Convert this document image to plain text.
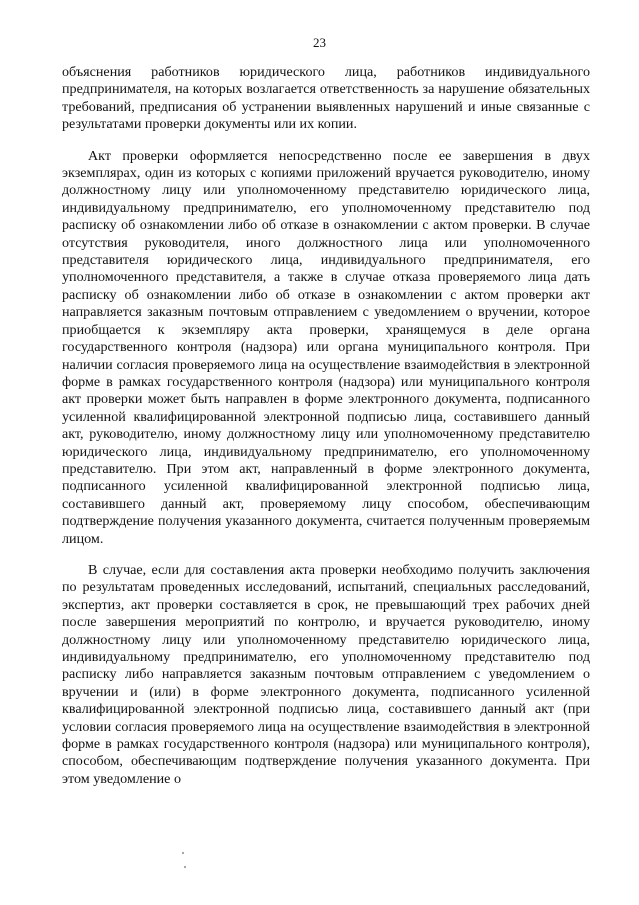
23

объяснения работников юридического лица, работников индивидуального предпринимателя, на которых возлагается ответственность за нарушение обязательных требований, предписания об устранении выявленных нарушений и иные связанные с результатами проверки документы или их копии.

Акт проверки оформляется непосредственно после ее завершения в двух экземплярах, один из которых с копиями приложений вручается руководителю, иному должностному лицу или уполномоченному представителю юридического лица, индивидуальному предпринимателю, его уполномоченному представителю под расписку об ознакомлении либо об отказе в ознакомлении с актом проверки. В случае отсутствия руководителя, иного должностного лица или уполномоченного представителя юридического лица, индивидуального предпринимателя, его уполномоченного представителя, а также в случае отказа проверяемого лица дать расписку об ознакомлении либо об отказе в ознакомлении с актом проверки акт направляется заказным почтовым отправлением с уведомлением о вручении, которое приобщается к экземпляру акта проверки, хранящемуся в деле органа государственного контроля (надзора) или органа муниципального контроля. При наличии согласия проверяемого лица на осуществление взаимодействия в электронной форме в рамках государственного контроля (надзора) или муниципального контроля акт проверки может быть направлен в форме электронного документа, подписанного усиленной квалифицированной электронной подписью лица, составившего данный акт, руководителю, иному должностному лицу или уполномоченному представителю юридического лица, индивидуальному предпринимателю, его уполномоченному представителю. При этом акт, направленный в форме электронного документа, подписанного усиленной квалифицированной электронной подписью лица, составившего данный акт, проверяемому лицу способом, обеспечивающим подтверждение получения указанного документа, считается полученным проверяемым лицом.

В случае, если для составления акта проверки необходимо получить заключения по результатам проведенных исследований, испытаний, специальных расследований, экспертиз, акт проверки составляется в срок, не превышающий трех рабочих дней после завершения мероприятий по контролю, и вручается руководителю, иному должностному лицу или уполномоченному представителю юридического лица, индивидуальному предпринимателю, его уполномоченному представителю под расписку либо направляется заказным почтовым отправлением с уведомлением о вручении и (или) в форме электронного документа, подписанного усиленной квалифицированной электронной подписью лица, составившего данный акт (при условии согласия проверяемого лица на осуществление взаимодействия в электронной форме в рамках государственного контроля (надзора) или муниципального контроля), способом, обеспечивающим подтверждение получения указанного документа. При этом уведомление о
